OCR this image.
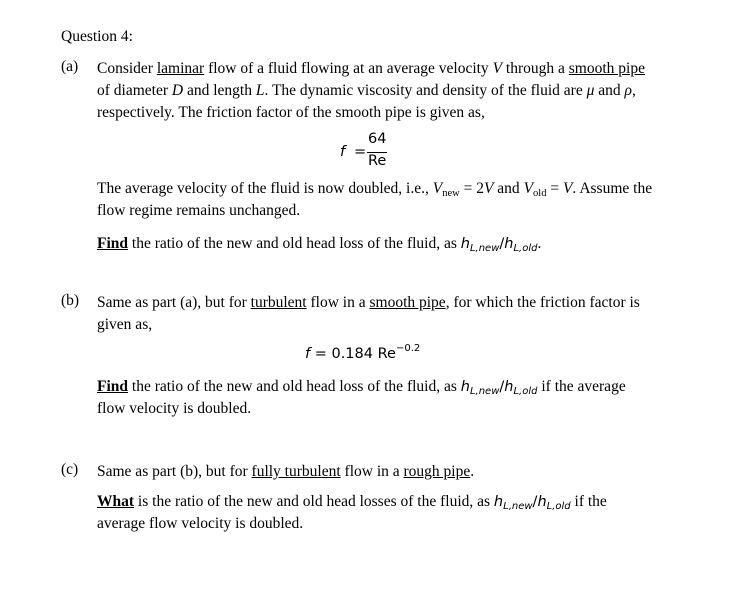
Question 4:
(a) Consider laminar flow of a fluid flowing at an average velocity V through a smooth pipe
of diameter D and length L. The dynamic viscosity and density of the fluid are μ and ρ,
respectively. The friction factor of the smooth pipe is given as,
f =
64
Re
The average velocity of the fluid is now doubled, i.e., $V_{new} = 2V$ and $V_{old} = V$. Assume the
flow regime remains unchanged.
Find the ratio of the new and old head loss of the fluid, as $h_{L,new}/h_{L,old}$.
(b) Same as part (a), but for turbulent flow in a smooth pipe, for which the friction factor is
given as,
f = 0.184 $Re^{-0.2}$
Find the ratio of the new and old head loss of the fluid, as $h_{L,new}/h_{L,old}$ if the average
flow velocity is doubled.
(c) Same as part (b), but for fully turbulent flow in a rough pipe.
What is the ratio of the new and old head losses of the fluid, as $h_{L,new}/h_{L,old}$ if the
average flow velocity is doubled.
